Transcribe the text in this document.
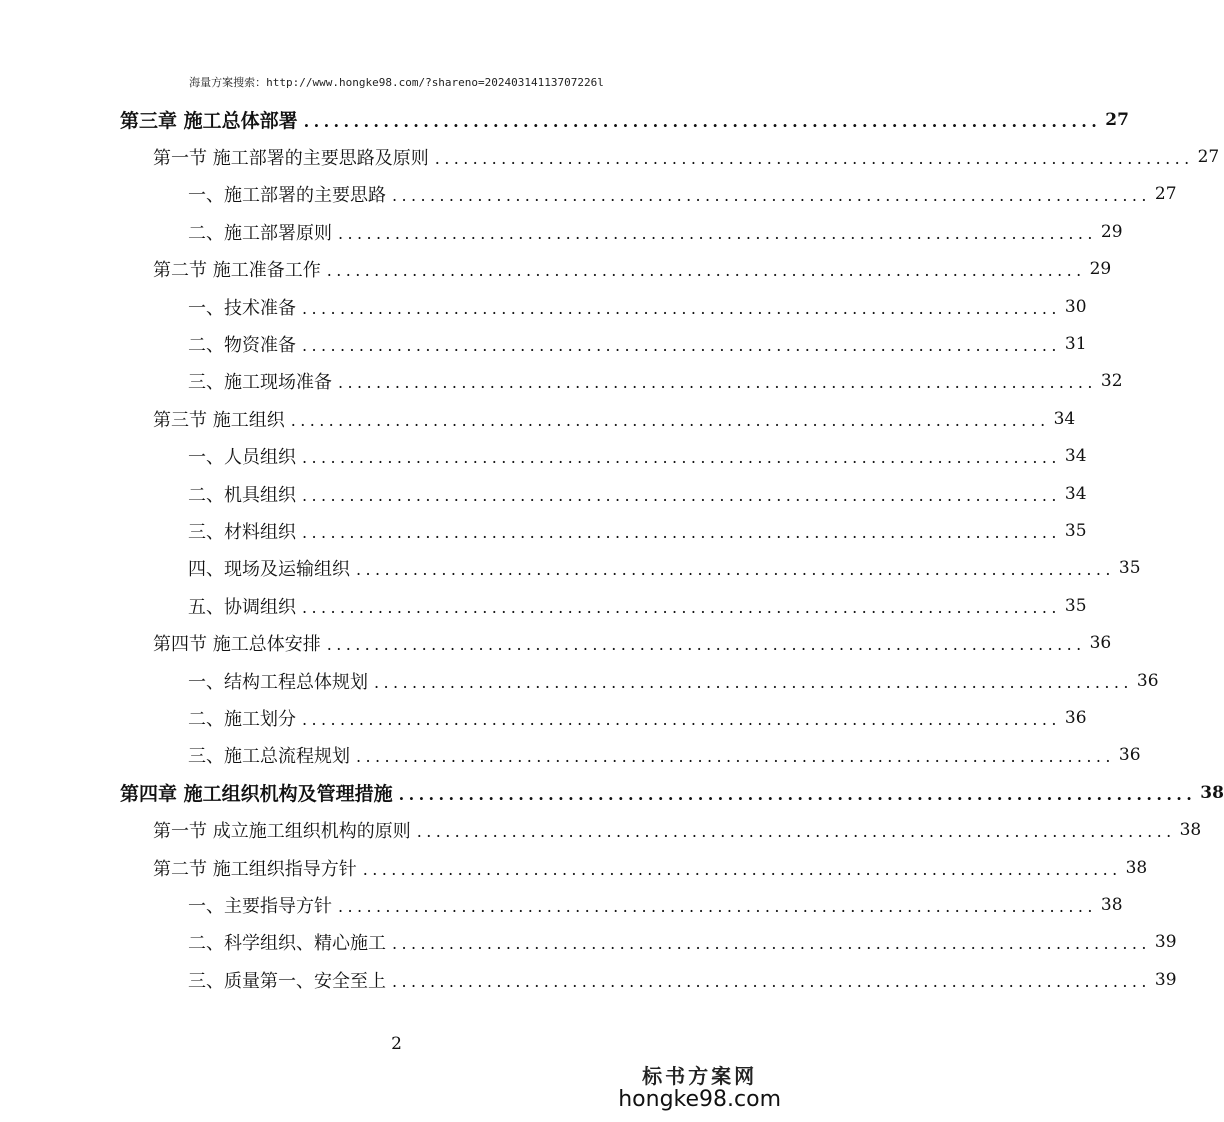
海量方案搜索：http://www.hongke98.com/?shareno=20240314113707226l
第三章 施工总体部署 ................................................................................ 27
第一节 施工部署的主要思路及原则 ................................................................................ 27
一、施工部署的主要思路 ................................................................................ 27
二、施工部署原则 ................................................................................ 29
第二节 施工准备工作 ................................................................................ 29
一、技术准备 ................................................................................ 30
二、物资准备 ................................................................................ 31
三、施工现场准备 ................................................................................ 32
第三节 施工组织 ................................................................................ 34
一、人员组织 ................................................................................ 34
二、机具组织 ................................................................................ 34
三、材料组织 ................................................................................ 35
四、现场及运输组织 ................................................................................ 35
五、协调组织 ................................................................................ 35
第四节 施工总体安排 ................................................................................ 36
一、结构工程总体规划 ................................................................................ 36
二、施工划分 ................................................................................ 36
三、施工总流程规划 ................................................................................ 36
第四章 施工组织机构及管理措施 ................................................................................ 38
第一节 成立施工组织机构的原则 ................................................................................ 38
第二节 施工组织指导方针 ................................................................................ 38
一、主要指导方针 ................................................................................ 38
二、科学组织、精心施工 ................................................................................ 39
三、质量第一、安全至上 ................................................................................ 39
2
标书方案网
hongke98.com
